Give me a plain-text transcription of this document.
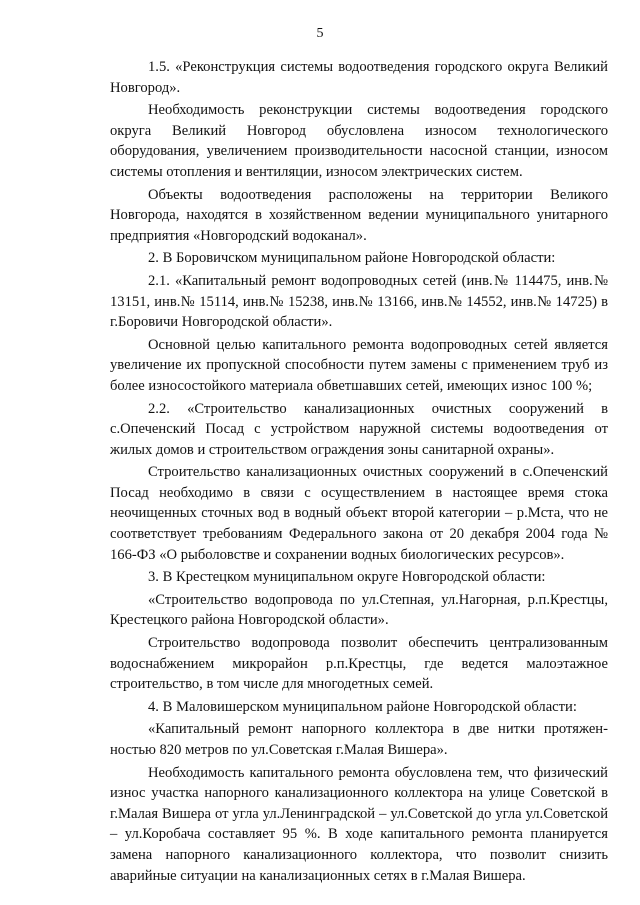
5

1.5. «Реконструкция системы водоотведения городского округа Великий Новгород».

Необходимость реконструкции системы водоотведения городского округа Великий Новгород обусловлена износом технологического оборудования, увеличением производительности насосной станции, износом системы отопления и вентиляции, износом электрических систем.

Объекты водоотведения расположены на территории Великого Новгорода, находятся в хозяйственном ведении муниципального унитарного предприятия «Новгородский водоканал».

2. В Боровичском муниципальном районе Новгородской области:

2.1. «Капитальный ремонт водопроводных сетей (инв.№ 114475, инв.№ 13151, инв.№ 15114, инв.№ 15238, инв.№ 13166, инв.№ 14552, инв.№ 14725) в г.Боровичи Новгородской области».

Основной целью капитального ремонта водопроводных сетей является увеличение их пропускной способности путем замены с применением труб из более износостойкого материала обветшавших сетей, имеющих износ 100 %;

2.2. «Строительство канализационных очистных сооружений в с.Опеченский Посад с устройством наружной системы водоотведения от жилых домов и строительством ограждения зоны санитарной охраны».

Строительство канализационных очистных сооружений в с.Опеченский Посад необходимо в связи с осуществлением в настоящее время стока неочищенных сточных вод в водный объект второй категории – р.Мста, что не соответствует требованиям Федерального закона от 20 декабря 2004 года № 166-ФЗ «О рыболовстве и сохранении водных биологических ресурсов».

3. В Крестецком муниципальном округе Новгородской области:

«Строительство водопровода по ул.Степная, ул.Нагорная, р.п.Крестцы, Крестецкого района Новгородской области».

Строительство водопровода позволит обеспечить централизованным водоснабжением микрорайон р.п.Крестцы, где ведется малоэтажное строительство, в том числе для многодетных семей.

4. В Маловишерском муниципальном районе Новгородской области:

«Капитальный ремонт напорного коллектора в две нитки протяженностью 820 метров по ул.Советская г.Малая Вишера».

Необходимость капитального ремонта обусловлена тем, что физический износ участка напорного канализационного коллектора на улице Советской в г.Малая Вишера от угла ул.Ленинградской – ул.Советской до угла ул.Советской – ул.Коробача составляет 95 %. В ходе капитального ремонта планируется замена напорного канализационного коллектора, что позволит снизить аварийные ситуации на канализационных сетях в г.Малая Вишера.
